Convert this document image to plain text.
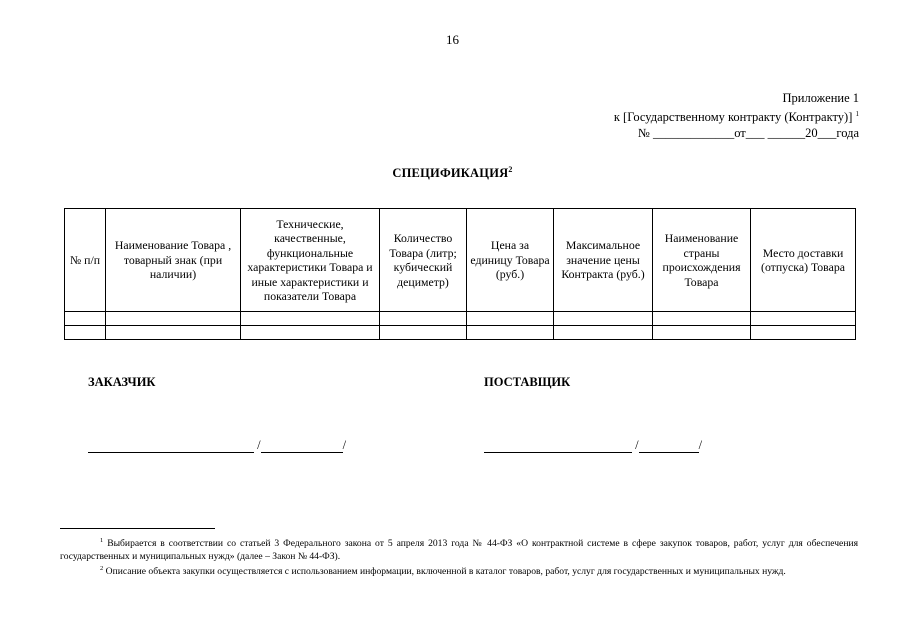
16
Приложение 1
к [Государственному контракту (Контракту)] $^1$
№ _____________от___ ______20___года
СПЕЦИФИКАЦИЯ$^2$
№ п/п	Наименование Товара , товарный знак (при наличии)	Технические, качественные, функциональные характеристики Товара и иные характеристики и показатели Товара	Количество Товара (литр; кубический дециметр)	Цена за единицу Товара (руб.)	Максимальное значение цены Контракта (руб.)	Наименование страны происхождения Товара	Место доставки (отпуска) Товара

ЗАКАЗЧИК	ПОСТАВЩИК
/	/	/	/

$^1$ Выбирается в соответствии со статьей 3 Федерального закона от 5 апреля 2013 года № 44-ФЗ «О контрактной системе в сфере закупок товаров, работ, услуг для обеспечения государственных и муниципальных нужд» (далее – Закон № 44-ФЗ).

$^2$ Описание объекта закупки осуществляется с использованием информации, включенной в каталог товаров, работ, услуг для государственных и муниципальных нужд.
